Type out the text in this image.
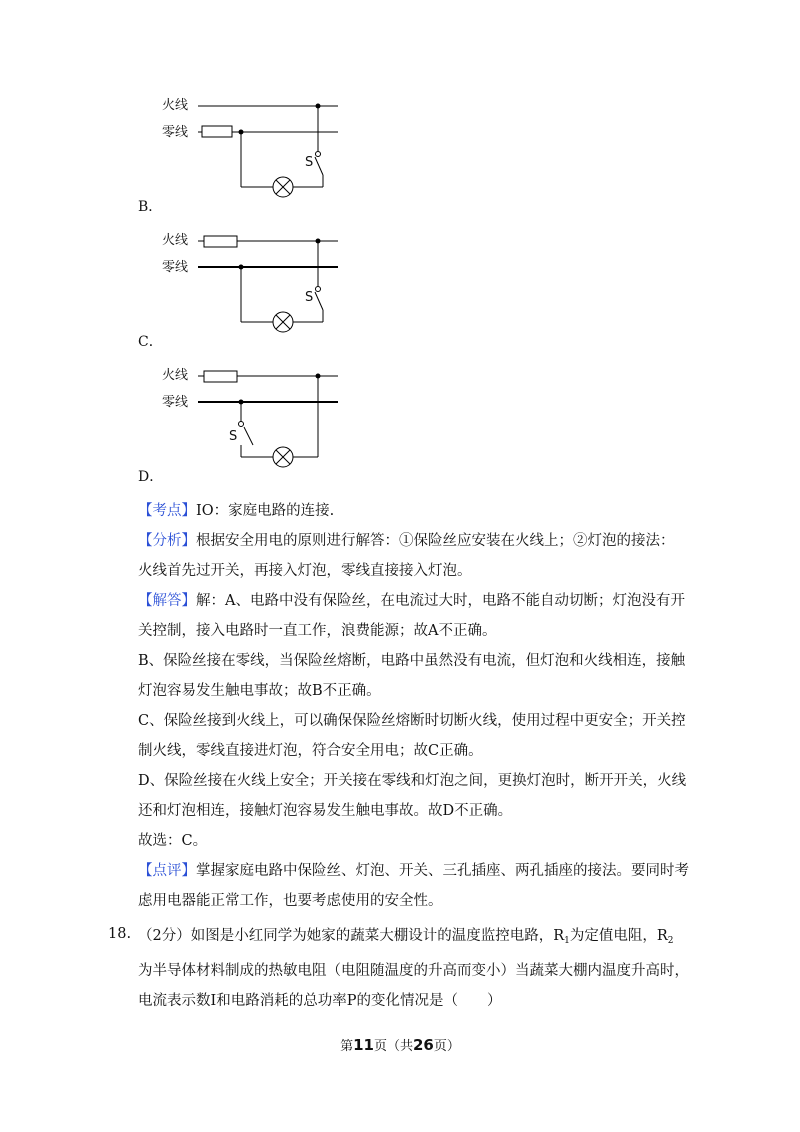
火线
零线
S
B．
火线
零线
S
C．
火线
零线
S
D．
【考点】IO：家庭电路的连接.
【分析】根据安全用电的原则进行解答：①保险丝应安装在火线上；②灯泡的接法：
火线首先过开关，再接入灯泡，零线直接接入灯泡。
【解答】解：A、电路中没有保险丝，在电流过大时，电路不能自动切断；灯泡没有开
关控制，接入电路时一直工作，浪费能源；故A不正确。
B、保险丝接在零线，当保险丝熔断，电路中虽然没有电流，但灯泡和火线相连，接触
灯泡容易发生触电事故；故B不正确。
C、保险丝接到火线上，可以确保保险丝熔断时切断火线，使用过程中更安全；开关控
制火线，零线直接进灯泡，符合安全用电；故C正确。
D、保险丝接在火线上安全；开关接在零线和灯泡之间，更换灯泡时，断开开关，火线
还和灯泡相连，接触灯泡容易发生触电事故。故D不正确。
故选：C。
【点评】掌握家庭电路中保险丝、灯泡、开关、三孔插座、两孔插座的接法。要同时考
虑用电器能正常工作，也要考虑使用的安全性。
18. （2分）如图是小红同学为她家的蔬菜大棚设计的温度监控电路，$R_1$为定值电阻，$R_2$
为半导体材料制成的热敏电阻（电阻随温度的升高而变小）当蔬菜大棚内温度升高时，
电流表示数I和电路消耗的总功率P的变化情况是（　　）
第11页（共26页）
